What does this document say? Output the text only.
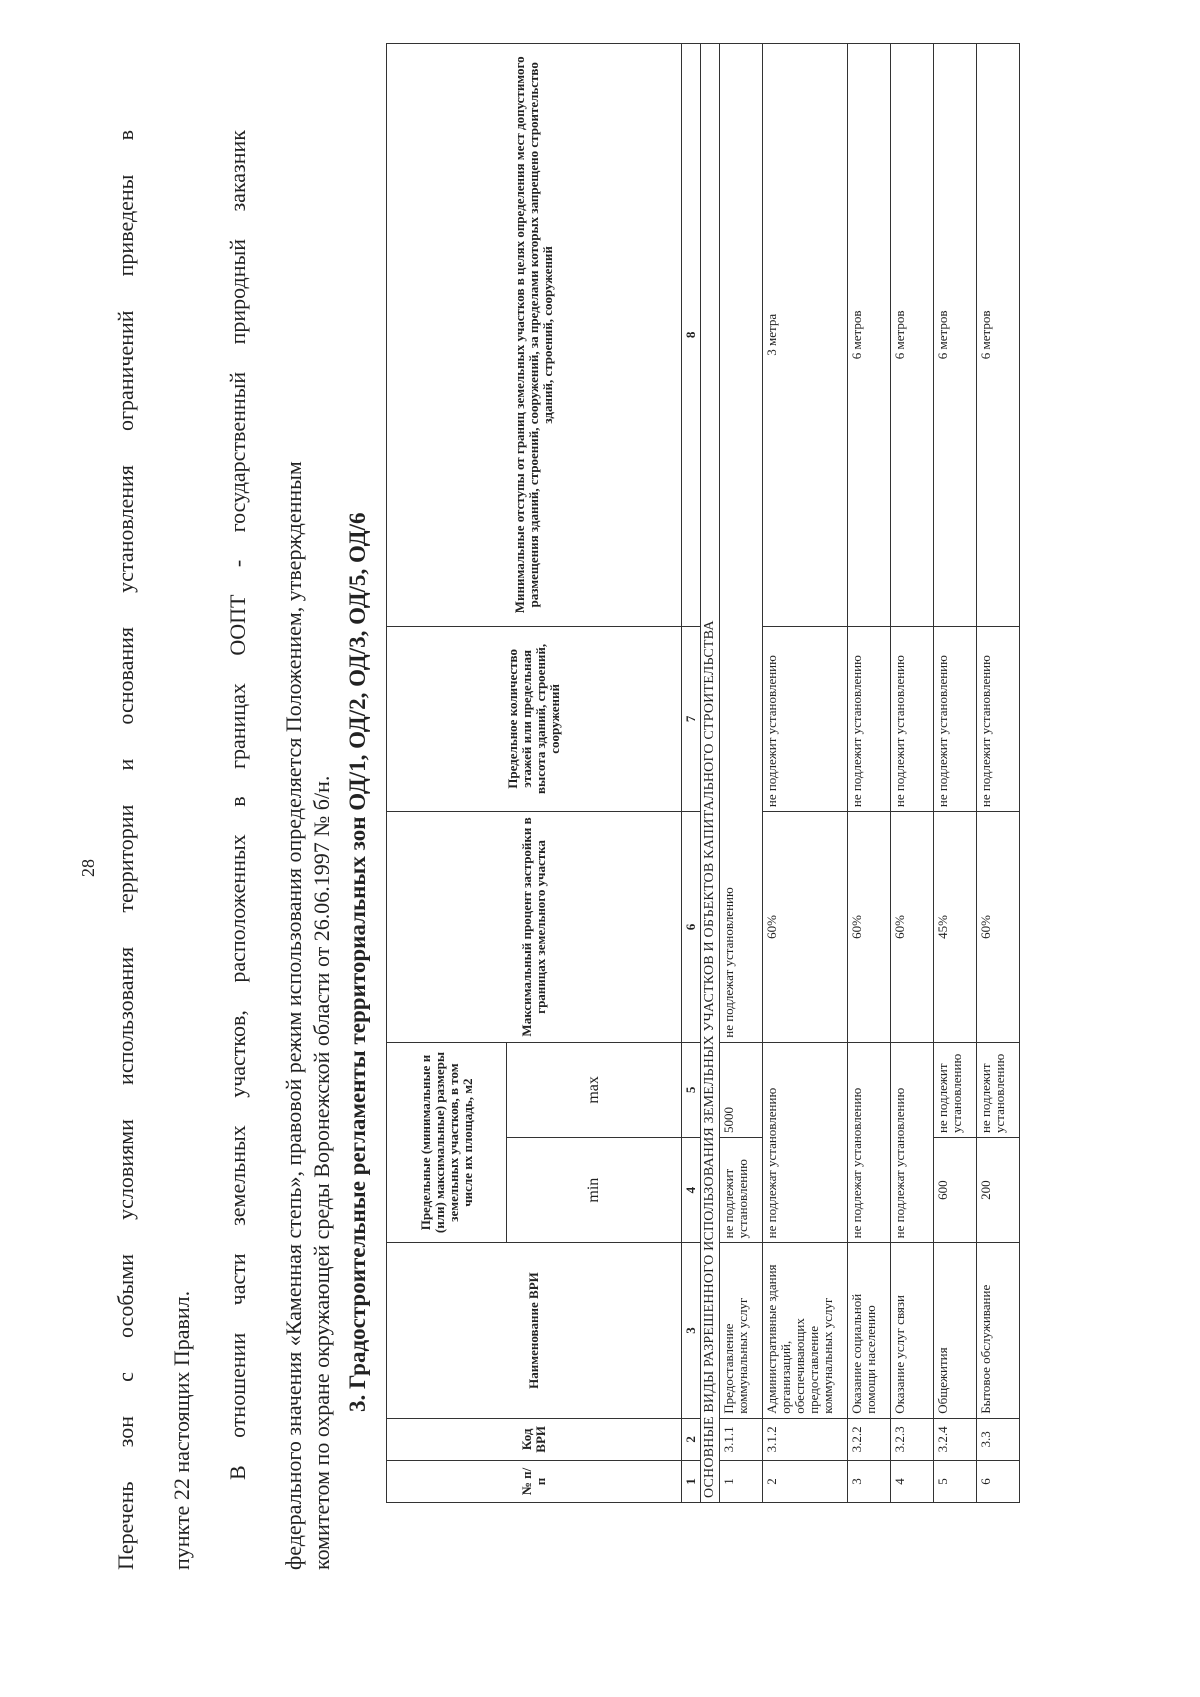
28 Перечень зон с особыми условиями использования территории и основания установления ограничений приведены в пункте 22 настоящих Правил. В отношении части земельных участков, расположенных в границах ООПТ - государственный природный заказник федерального значения «Каменная степь», правовой режим использования определяется Положением, утвержденным комитетом по охране окружающей среды Воронежской области от 26.06.1997 № б/н. 3. Градостроительные регламенты территориальных зон ОД/1, ОД/2, ОД/3, ОД/5, ОД/6
№ п/п	Код ВРИ	Наименование ВРИ	Предельные (минимальные и (или) максимальные) размеры земельных участков, в том числе их площадь, м2		Максимальный процент застройки в границах земельного участка	Предельное количество этажей или предельная высота зданий, строений, сооружений	Минимальные отступы от границ земельных участков в целях определения мест допустимого размещения зданий, строений, сооружений, за пределами которых запрещено строительство зданий, строений, сооружений
			min	max			
1	2	3	4	5	6	7	8
ОСНОВНЫЕ ВИДЫ РАЗРЕШЕННОГО ИСПОЛЬЗОВАНИЯ ЗЕМЕЛЬНЫХ УЧАСТКОВ И ОБЪЕКТОВ КАПИТАЛЬНОГО СТРОИТЕЛЬСТВА							
1	3.1.1	Предоставление коммунальных услуг	не подлежит установлению	5000	не подлежат установлению		
2	3.1.2	Административные здания организаций, обеспечивающих предоставление коммунальных услуг	не подлежат установлению		60%	не подлежит установлению	3 метра
3	3.2.2	Оказание социальной помощи населению	не подлежат установлению		60%	не подлежит установлению	6 метров
4	3.2.3	Оказание услуг связи	не подлежат установлению		60%	не подлежит установлению	6 метров
5	3.2.4	Общежития	600	не подлежит установлению	45%	не подлежит установлению	6 метров
6	3.3	Бытовое обслуживание	200	не подлежит установлению	60%	не подлежит установлению	6 метров
